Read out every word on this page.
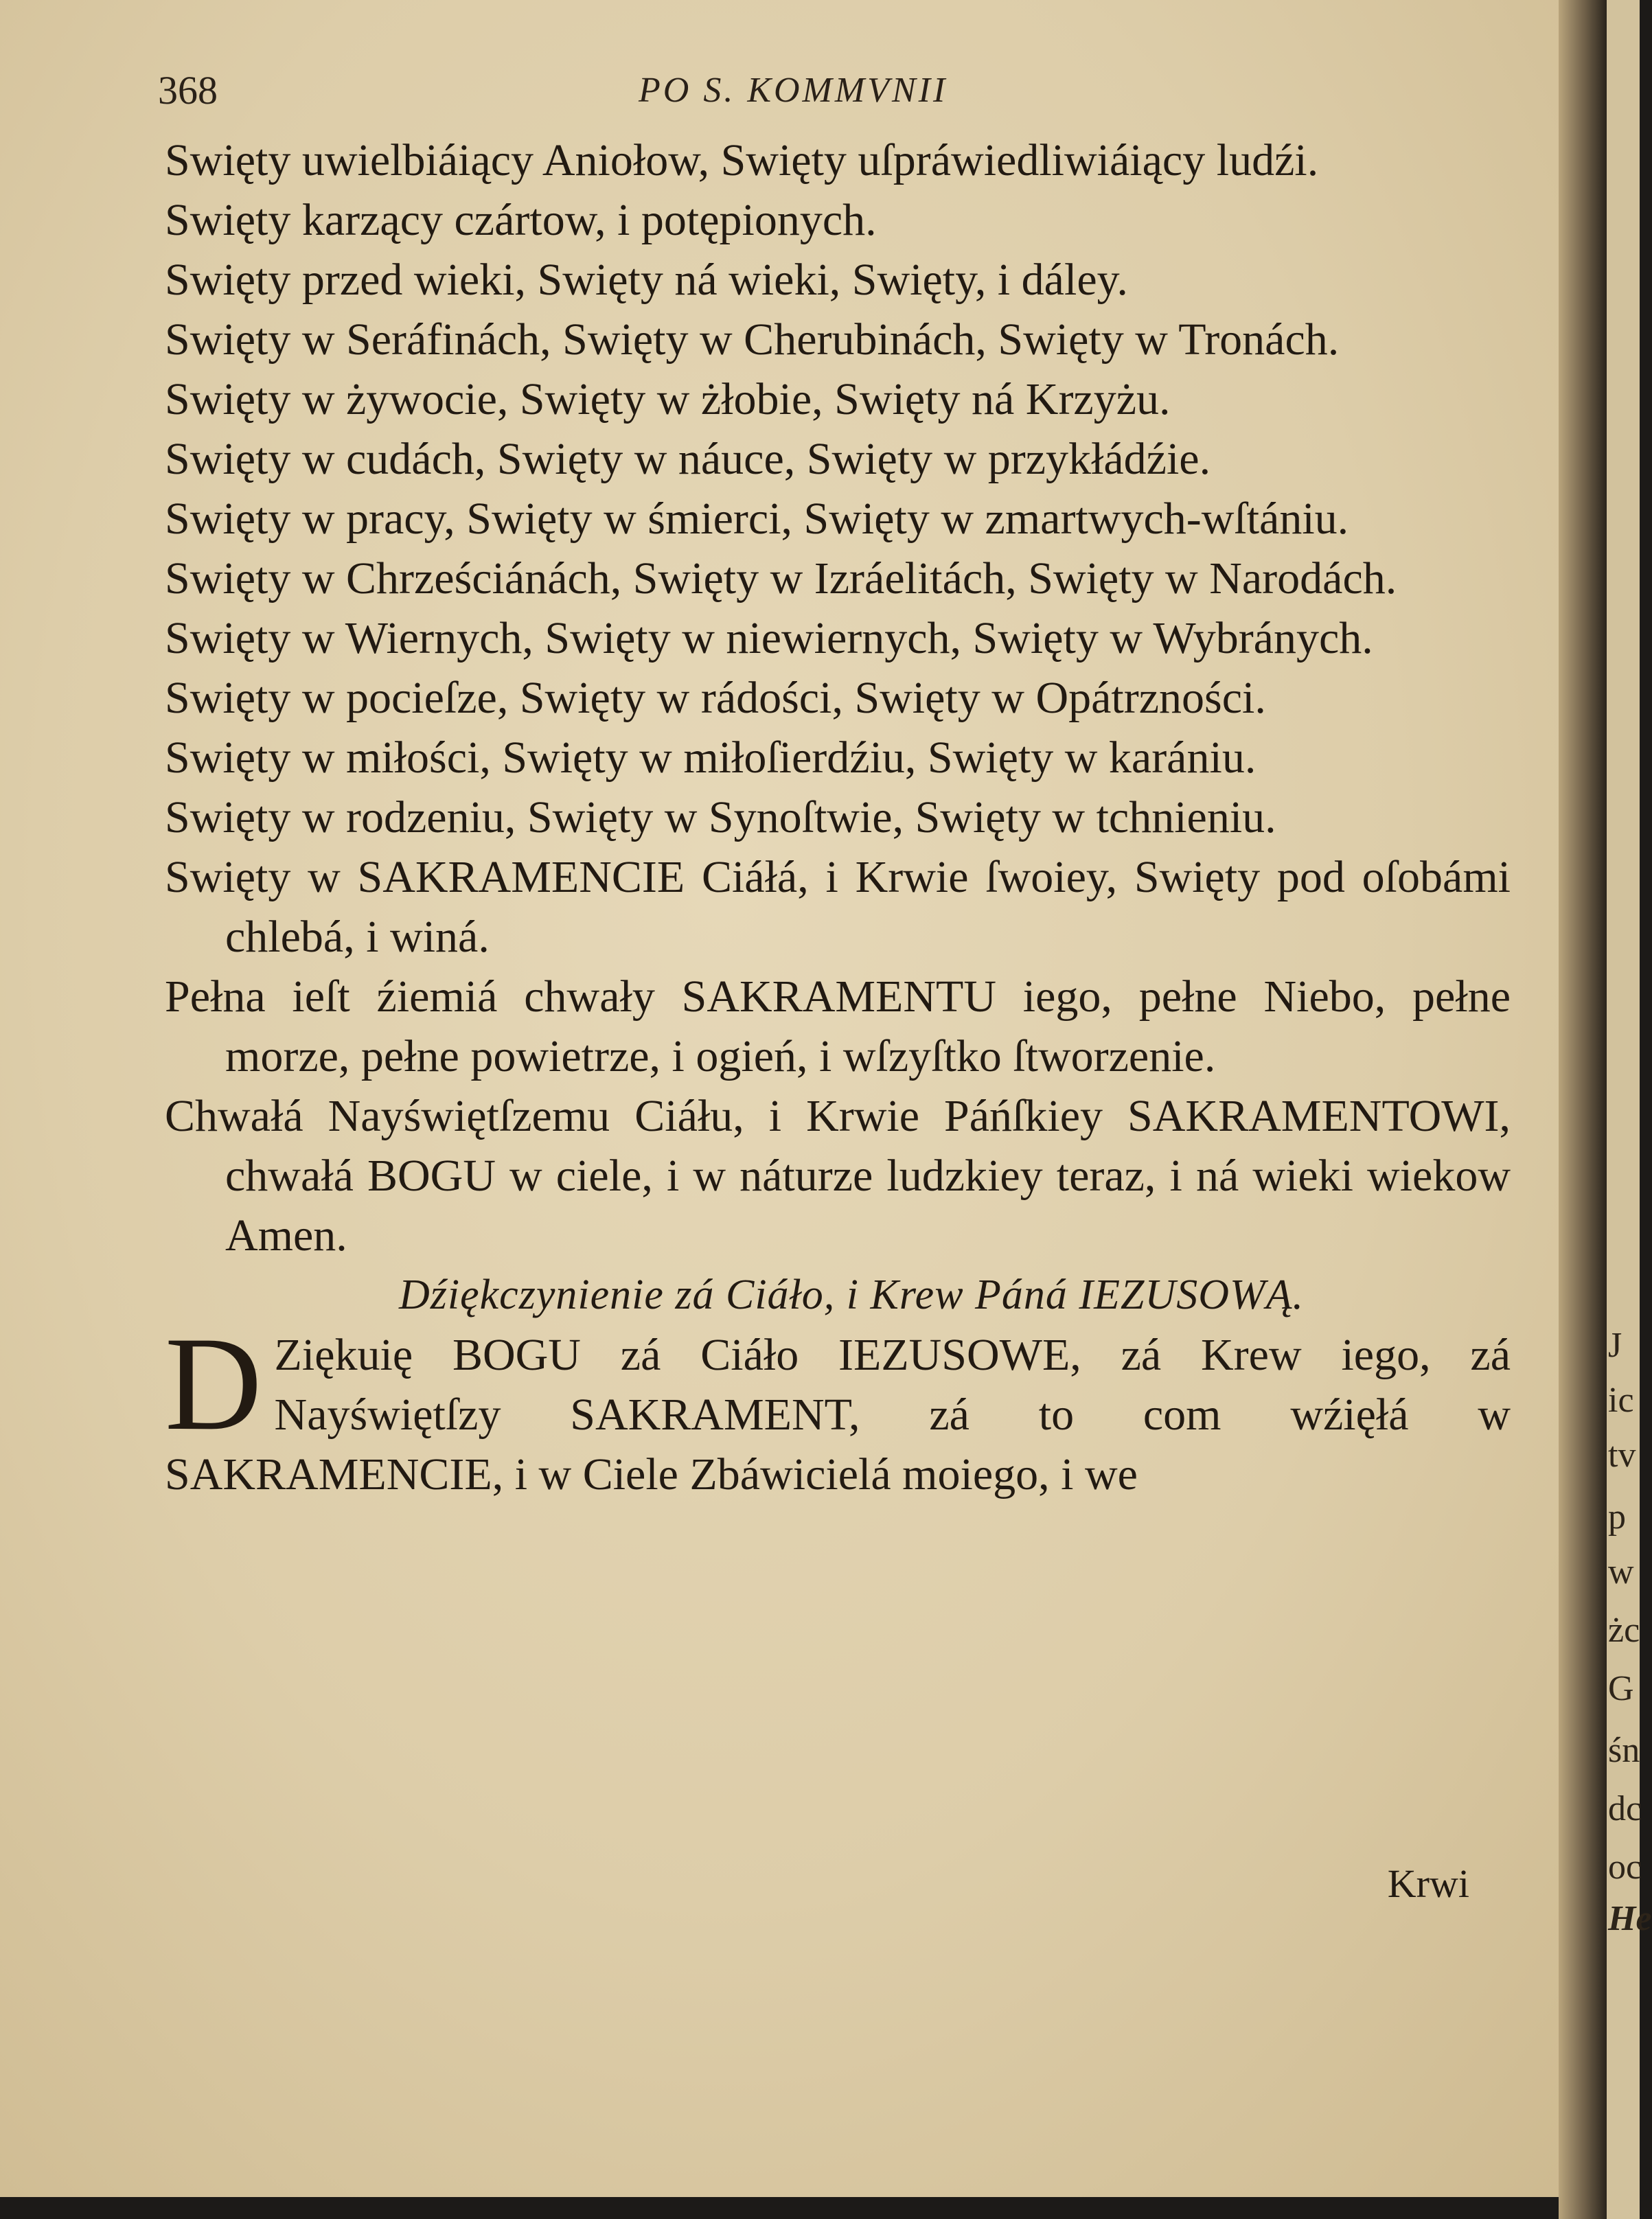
368	PO S. KOMMVNII

Swięty uwielbiáiący Aniołow, Swięty uſpráwiedliwiáiący ludźi.

Swięty karzący czártow, i potępionych.

Swięty przed wieki, Swięty ná wieki, Swięty, i dáley.

Swięty w Seráfinách, Swięty w Cherubinách, Swięty w Tronách.

Swięty w żywocie, Swięty w żłobie, Swięty ná Krzyżu.

Swięty w cudách, Swięty w náuce, Swięty w przykłádźie.

Swięty w pracy, Swięty w śmierci, Swięty w zmartwych-wſtániu.

Swięty w Chrześciánách, Swięty w Izráelitách, Swięty w Narodách.

Swięty w Wiernych, Swięty w niewiernych, Swięty w Wybránych.

Swięty w pocieſze, Swięty w rádości, Swięty w Opátrzności.

Swięty w miłości, Swięty w miłoſierdźiu, Swięty w karániu.

Swięty w rodzeniu, Swięty w Synoſtwie, Swięty w tchnieniu.

Swięty w SAKRAMENCIE Ciáłá, i Krwie ſwoiey, Swięty pod oſobámi chlebá, i winá.

Pełna ieſt źiemiá chwały SAKRAMENTU iego, pełne Niebo, pełne morze, pełne powietrze, i ogień, i wſzyſtko ſtworzenie.

Chwałá Nayświętſzemu Ciáłu, i Krwie Páńſkiey SAKRAMENTOWI, chwałá BOGU w ciele, i w náturze ludzkiey teraz, i ná wieki wiekow Amen.

Dźiękczynienie zá Ciáło, i Krew Páná IEZUSOWĄ.

D Ziękuię BOGU zá Ciáło IEZUSOWE, zá Krew iego, zá Nayświętſzy SAKRAMENT, zá to com wźięłá w SAKRAMENCIE, i w Ciele Zbáwicielá moiego, i we

Krwi
J
ic
tv
p
w
żc
G
śn
dc
oc
He
